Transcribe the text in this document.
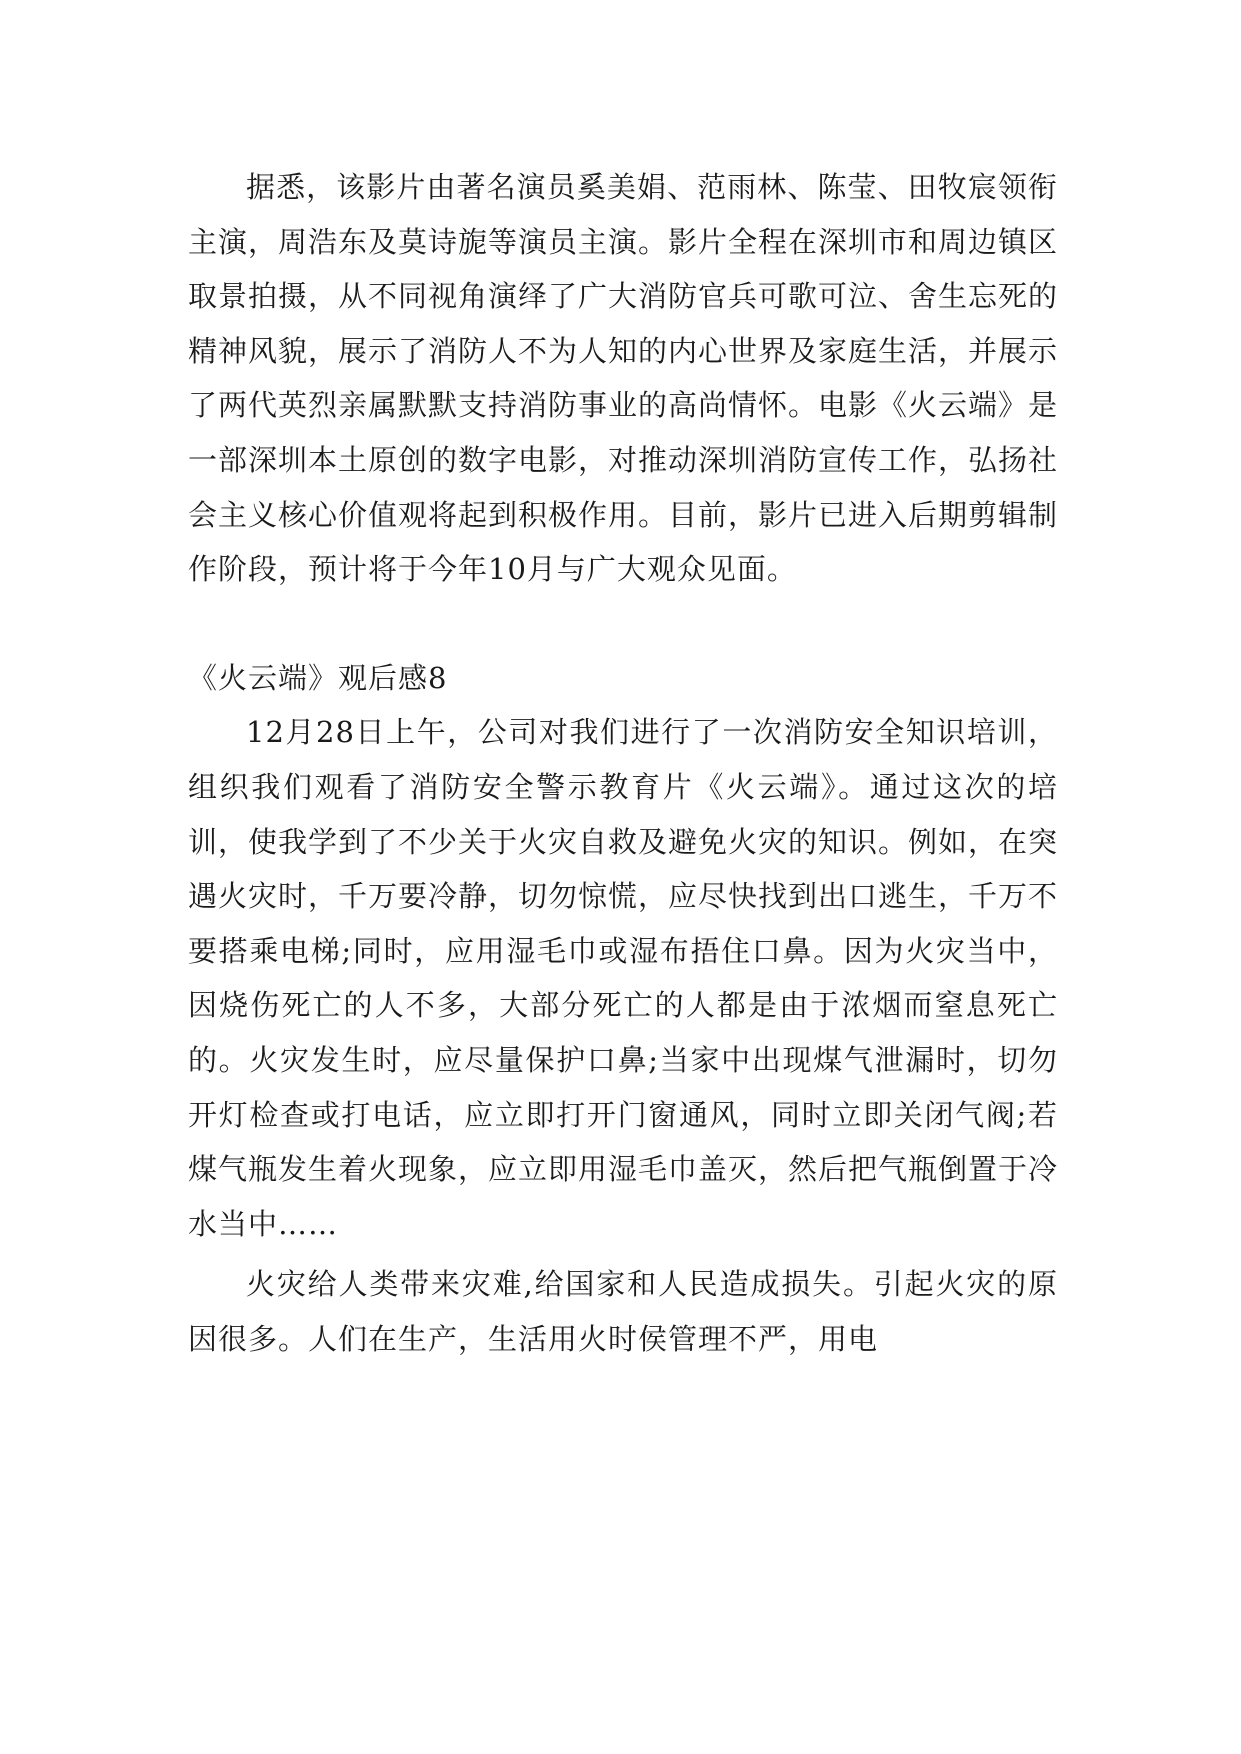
据悉，该影片由著名演员奚美娟、范雨林、陈莹、田牧宸领衔主演，周浩东及莫诗旎等演员主演。影片全程在深圳市和周边镇区取景拍摄，从不同视角演绎了广大消防官兵可歌可泣、舍生忘死的精神风貌，展示了消防人不为人知的内心世界及家庭生活，并展示了两代英烈亲属默默支持消防事业的高尚情怀。电影《火云端》是一部深圳本土原创的数字电影，对推动深圳消防宣传工作，弘扬社会主义核心价值观将起到积极作用。目前，影片已进入后期剪辑制作阶段，预计将于今年10月与广大观众见面。

《火云端》观后感8

12月28日上午，公司对我们进行了一次消防安全知识培训，组织我们观看了消防安全警示教育片《火云端》。通过这次的培训，使我学到了不少关于火灾自救及避免火灾的知识。例如，在突遇火灾时，千万要冷静，切勿惊慌，应尽快找到出口逃生，千万不要搭乘电梯;同时，应用湿毛巾或湿布捂住口鼻。因为火灾当中，因烧伤死亡的人不多，大部分死亡的人都是由于浓烟而窒息死亡的。火灾发生时，应尽量保护口鼻;当家中出现煤气泄漏时，切勿开灯检查或打电话，应立即打开门窗通风，同时立即关闭气阀;若煤气瓶发生着火现象，应立即用湿毛巾盖灭，然后把气瓶倒置于冷水当中……

火灾给人类带来灾难,给国家和人民造成损失。引起火灾的原因很多。人们在生产，生活用火时侯管理不严，用电
